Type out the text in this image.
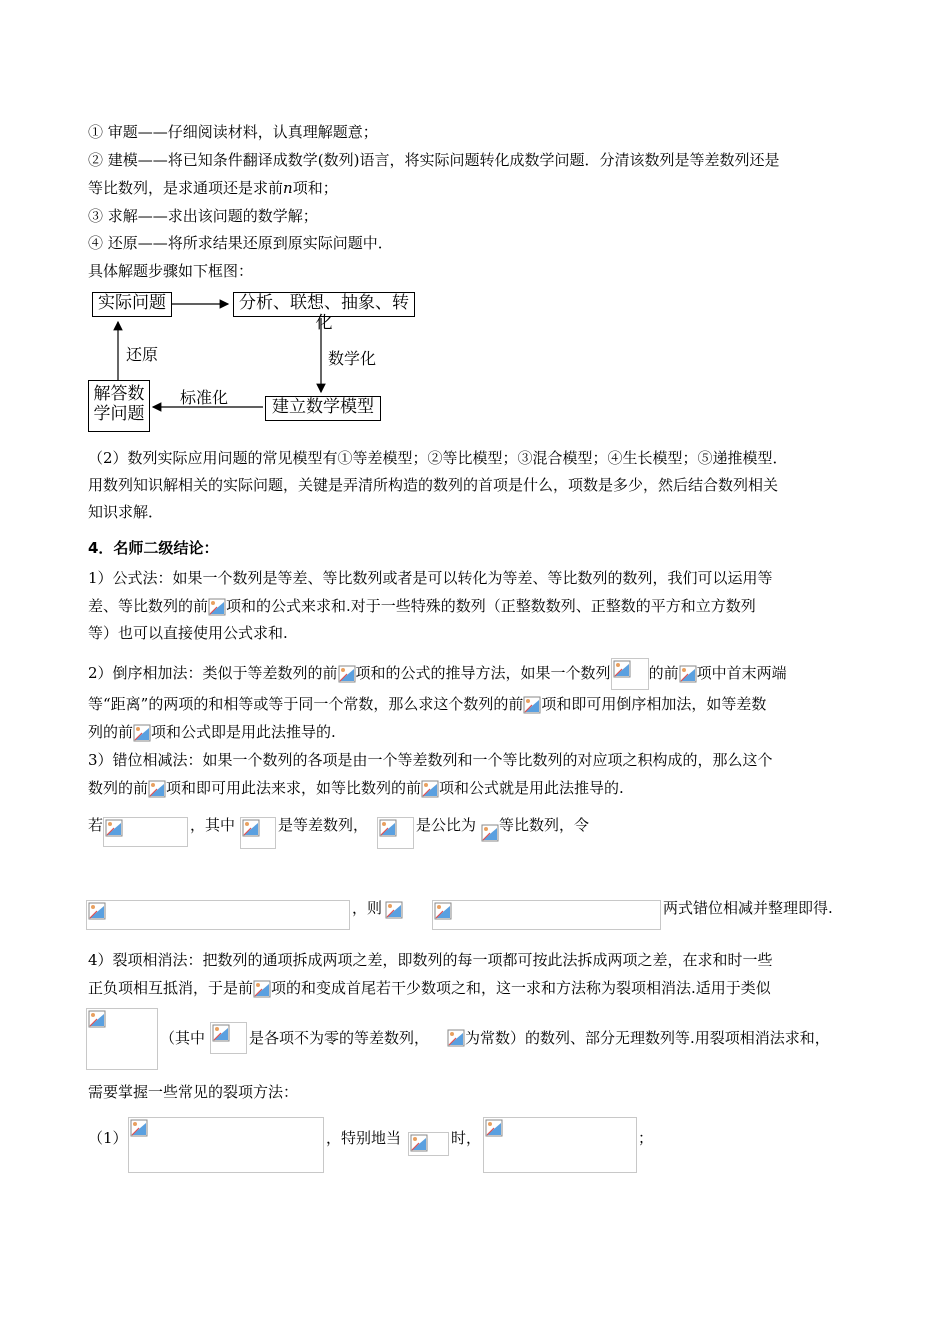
① 审题——仔细阅读材料，认真理解题意；
② 建模——将已知条件翻译成数学(数列)语言，将实际问题转化成数学问题．分清该数列是等差数列还是
等比数列，是求通项还是求前n项和；
③ 求解——求出该问题的数学解；
④ 还原——将所求结果还原到原实际问题中．
具体解题步骤如下框图：
实际问题	分析、联想、抽象、转化
建立数学模型
解答数
学问题
数学化
标准化
还原
（2）数列实际应用问题的常见模型有①等差模型；②等比模型；③混合模型；④生长模型；⑤递推模型．
用数列知识解相关的实际问题，关键是弄清所构造的数列的首项是什么，项数是多少，然后结合数列相关
知识求解．
4．名师二级结论：
1）公式法：如果一个数列是等差、等比数列或者是可以转化为等差、等比数列的数列，我们可以运用等
差、等比数列的前 项和的公式来求和.对于一些特殊的数列（正整数数列、正整数的平方和立方数列
等）也可以直接使用公式求和.
2）倒序相加法：类似于等差数列的前 项和的公式的推导方法，如果一个数列	的前 项中首末两端
等“距离”的两项的和相等或等于同一个常数，那么求这个数列的前 项和即可用倒序相加法，如等差数
列的前 项和公式即是用此法推导的.
3）错位相减法：如果一个数列的各项是由一个等差数列和一个等比数列的对应项之积构成的，那么这个
数列的前 项和即可用此法来求，如等比数列的前 项和公式就是用此法推导的.
若	，其中	是等差数列，	是公比为 等比数列，令
，则	两式错位相减并整理即得.
4）裂项相消法：把数列的通项拆成两项之差，即数列的每一项都可按此法拆成两项之差，在求和时一些
正负项相互抵消，于是前 项的和变成首尾若干少数项之和，这一求和方法称为裂项相消法.适用于类似
（其中	是各项不为零的等差数列， 为常数）的数列、部分无理数列等.用裂项相消法求和，
需要掌握一些常见的裂项方法：
（1）	，特别地当	时，	；
